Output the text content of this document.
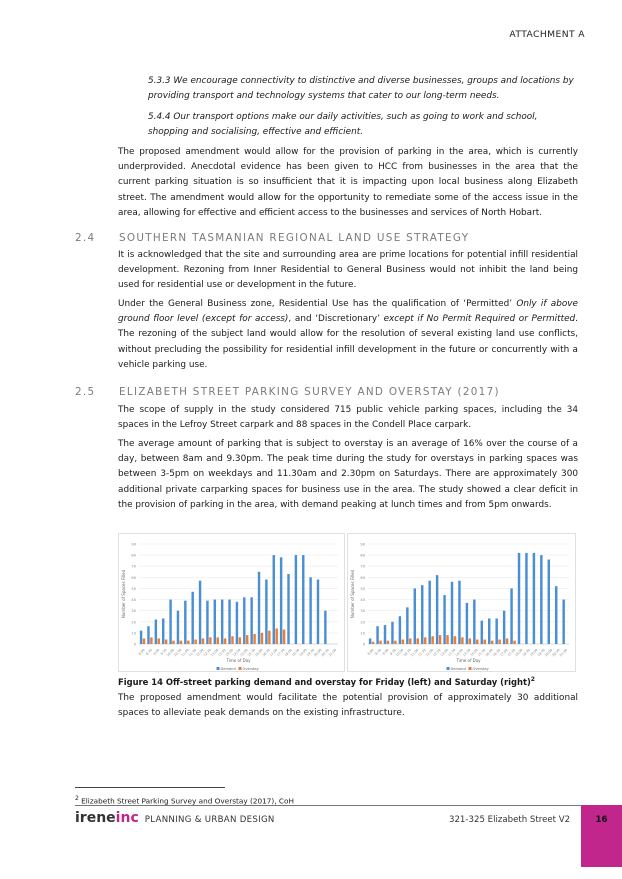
ATTACHMENT A
5.3.3 We encourage connectivity to distinctive and diverse businesses, groups and locations by providing transport and technology systems that cater to our long-term needs.
5.4.4 Our transport options make our daily activities, such as going to work and school, shopping and socialising, effective and efficient.
The proposed amendment would allow for the provision of parking in the area, which is currently underprovided. Anecdotal evidence has been given to HCC from businesses in the area that the current parking situation is so insufficient that it is impacting upon local business along Elizabeth street. The amendment would allow for the opportunity to remediate some of the access issue in the area, allowing for effective and efficient access to the businesses and services of North Hobart.
2.4 SOUTHERN TASMANIAN REGIONAL LAND USE STRATEGY
It is acknowledged that the site and surrounding area are prime locations for potential infill residential development. Rezoning from Inner Residential to General Business would not inhibit the land being used for residential use or development in the future.
Under the General Business zone, Residential Use has the qualification of ‘Permitted’ Only if above ground floor level (except for access), and ‘Discretionary’ except if No Permit Required or Permitted. The rezoning of the subject land would allow for the resolution of several existing land use conflicts, without precluding the possibility for residential infill development in the future or concurrently with a vehicle parking use.
2.5 ELIZABETH STREET PARKING SURVEY AND OVERSTAY (2017)
The scope of supply in the study considered 715 public vehicle parking spaces, including the 34 spaces in the Lefroy Street carpark and 88 spaces in the Condell Place carpark.
The average amount of parking that is subject to overstay is an average of 16% over the course of a day, between 8am and 9.30pm. The peak time during the study for overstays in parking spaces was between 3-5pm on weekdays and 11.30am and 2.30pm on Saturdays. There are approximately 300 additional private carparking spaces for business use in the area. The study showed a clear deficit in the provision of parking in the area, with demand peaking at lunch times and from 5pm onwards.
0
10
20
30
40
50
60
70
80
90
8:00 8:30 9:00 9:30
10:00
10:30
11:00
11:30
12:00
12:30
13:00
13:30
14:00
14:30
15:00
15:30
16:00
16:30
17:00
17:30
18:00
18:30
19:00
19:30
20:00
20:30
21:00
Time of Day
Number of Spaces Filled
Demand Overstay
0
10
20
30
40
50
60
70
80
90
8:00 8:30 9:00 9:30
10:00
10:30
11:00
11:30
12:00
12:30
13:00
13:30
14:00
14:30
15:00
15:30
16:00
16:30
17:00
17:30
18:00
18:30
19:00
19:30
20:00
20:30
21:00
Time of Day
Number of Spaces Filled
Demand Overstay
Figure 14 Off-street parking demand and overstay for Friday (left) and Saturday (right)$^2$
The proposed amendment would facilitate the potential provision of approximately 30 additional spaces to alleviate peak demands on the existing infrastructure.
$^2$ Elizabeth Street Parking Survey and Overstay (2017), CoH
ireneinc PLANNING & URBAN DESIGN	321-325 Elizabeth Street V2	16
